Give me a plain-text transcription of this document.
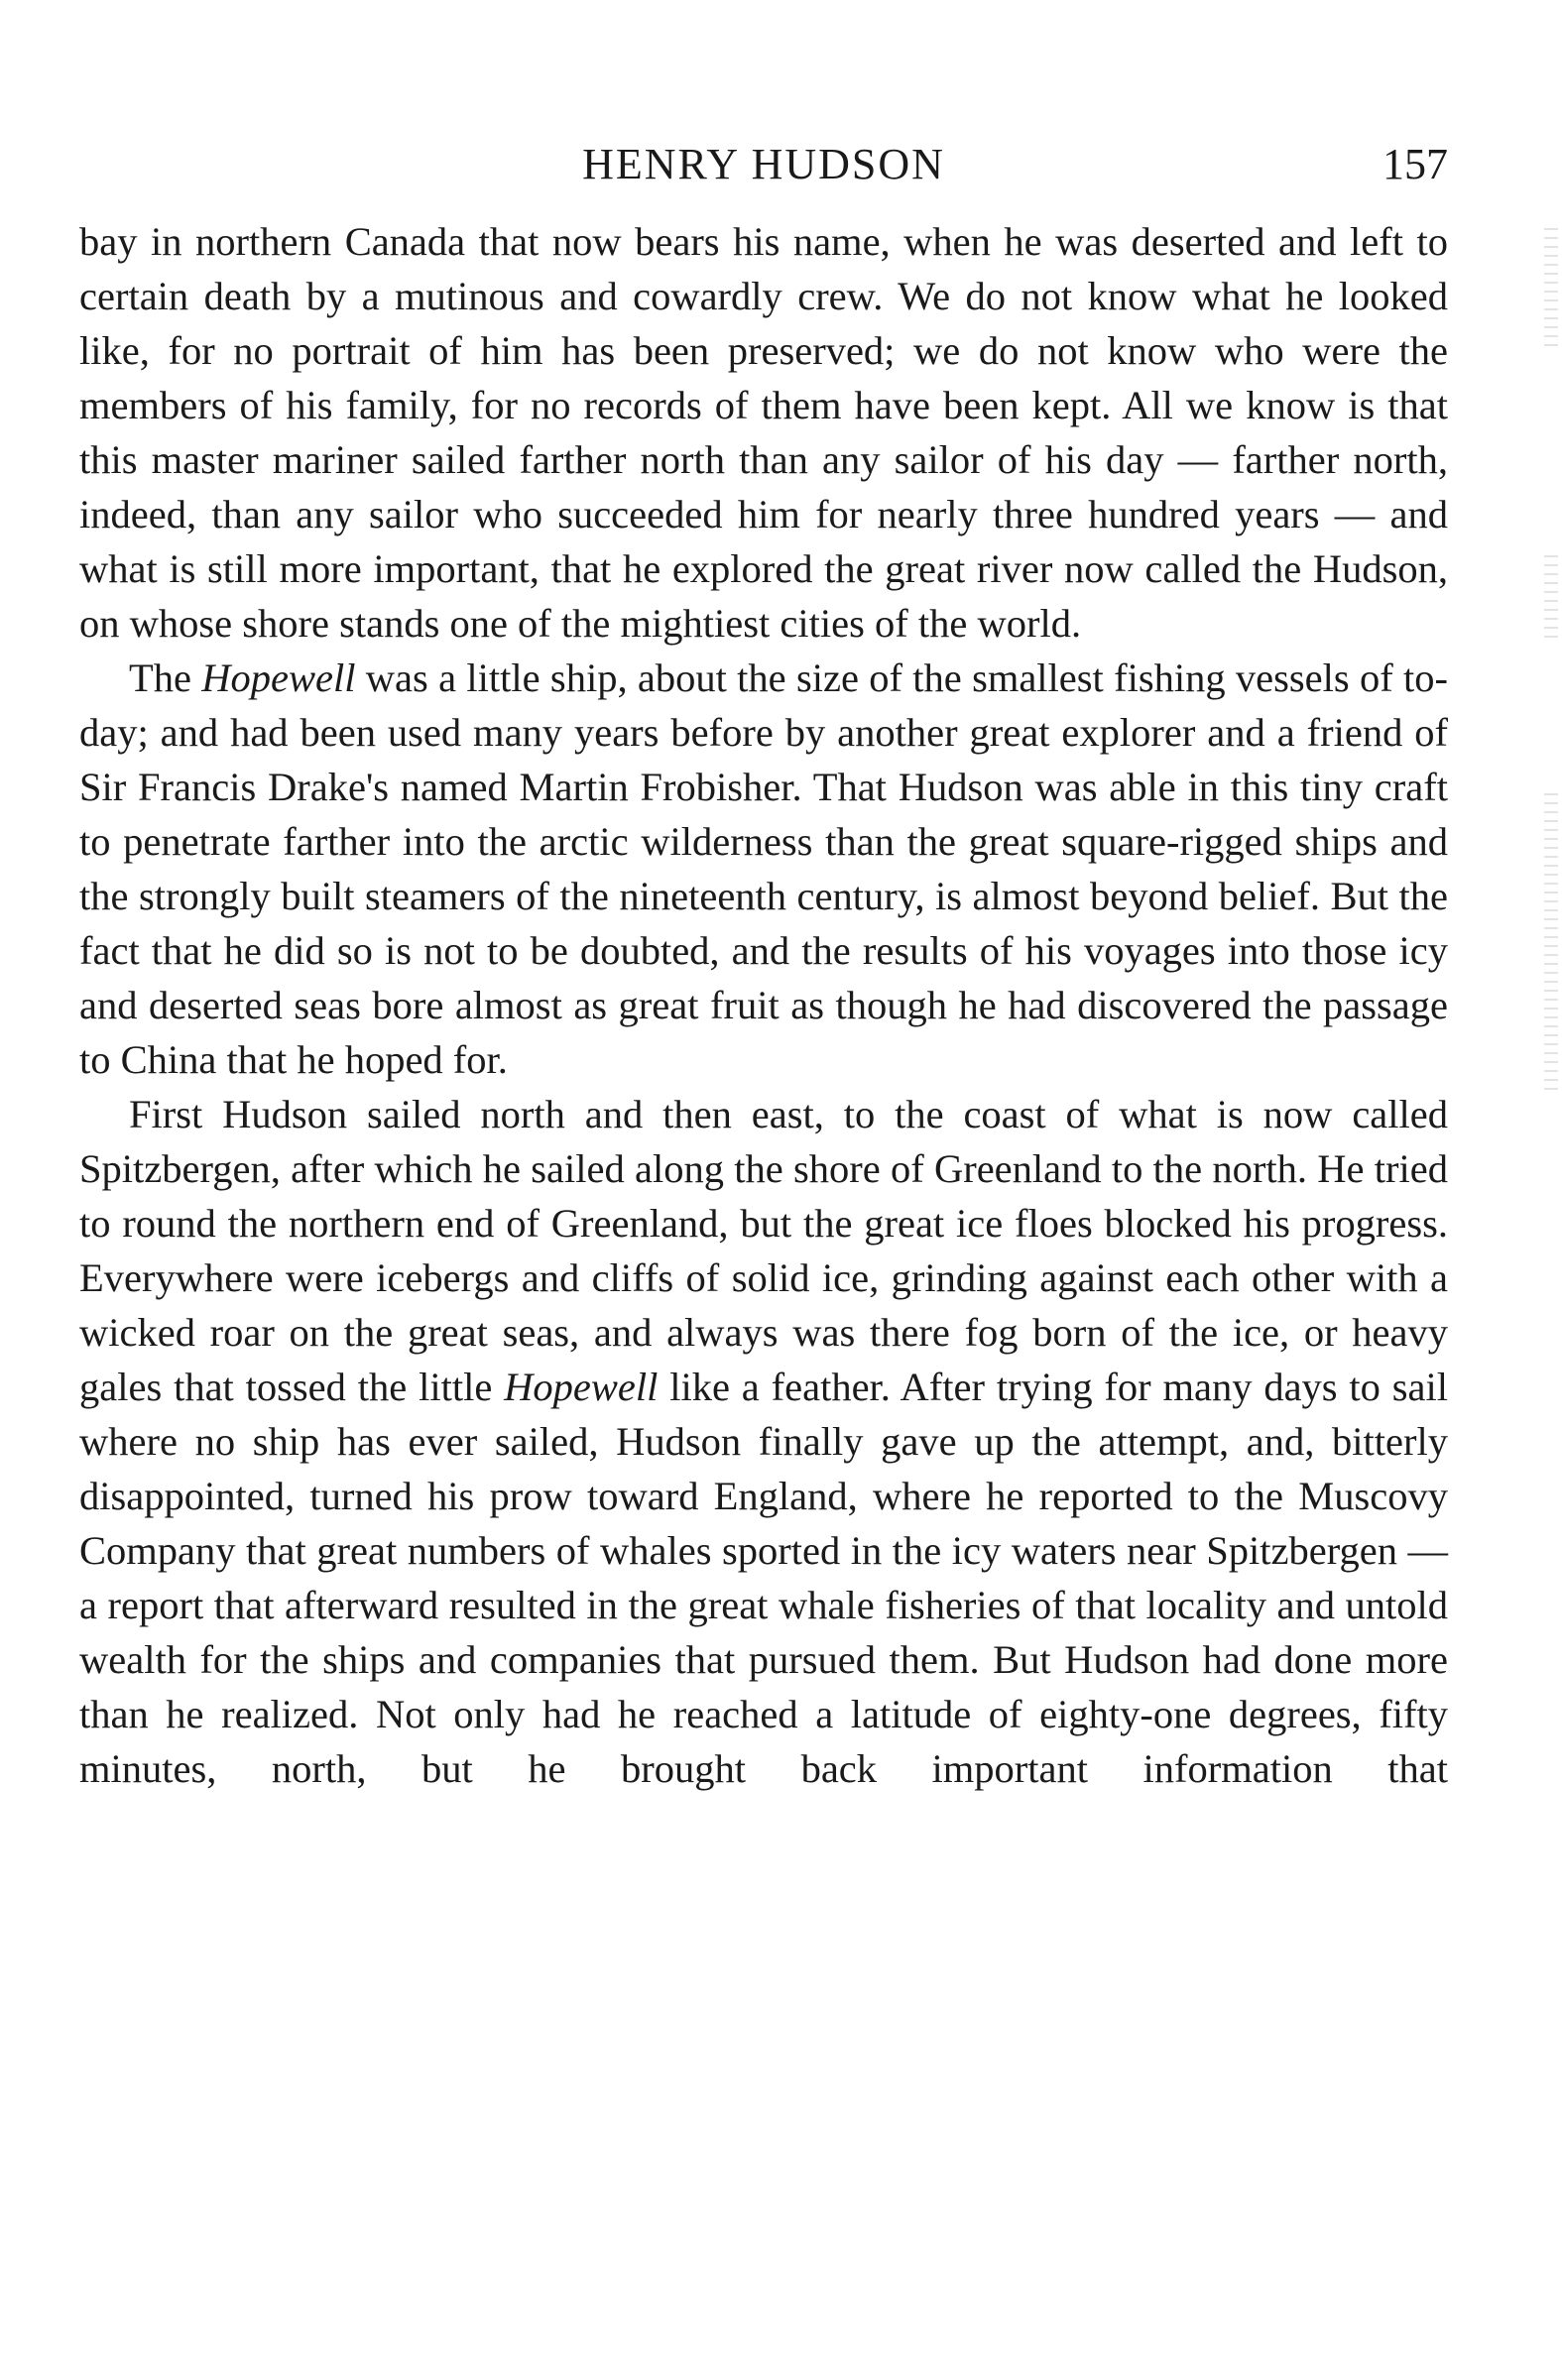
HENRY HUDSON	157

bay in northern Canada that now bears his name, when he was deserted and left to certain death by a mutinous and cowardly crew. We do not know what he looked like, for no portrait of him has been preserved; we do not know who were the members of his family, for no records of them have been kept. All we know is that this master mariner sailed farther north than any sailor of his day — farther north, indeed, than any sailor who succeeded him for nearly three hundred years — and what is still more important, that he explored the great river now called the Hudson, on whose shore stands one of the mightiest cities of the world.

The Hopewell was a little ship, about the size of the smallest fishing vessels of to-day; and had been used many years before by another great explorer and a friend of Sir Francis Drake's named Martin Frobisher. That Hudson was able in this tiny craft to penetrate farther into the arctic wilderness than the great square-rigged ships and the strongly built steamers of the nineteenth century, is almost beyond belief. But the fact that he did so is not to be doubted, and the results of his voyages into those icy and deserted seas bore almost as great fruit as though he had discovered the passage to China that he hoped for.

First Hudson sailed north and then east, to the coast of what is now called Spitzbergen, after which he sailed along the shore of Greenland to the north. He tried to round the northern end of Greenland, but the great ice floes blocked his progress. Everywhere were icebergs and cliffs of solid ice, grinding against each other with a wicked roar on the great seas, and always was there fog born of the ice, or heavy gales that tossed the little Hopewell like a feather. After trying for many days to sail where no ship has ever sailed, Hudson finally gave up the attempt, and, bitterly disappointed, turned his prow toward England, where he reported to the Muscovy Company that great numbers of whales sported in the icy waters near Spitzbergen — a report that afterward resulted in the great whale fisheries of that locality and untold wealth for the ships and companies that pursued them. But Hudson had done more than he realized. Not only had he reached a latitude of eighty-one degrees, fifty minutes, north, but he brought back important information that
